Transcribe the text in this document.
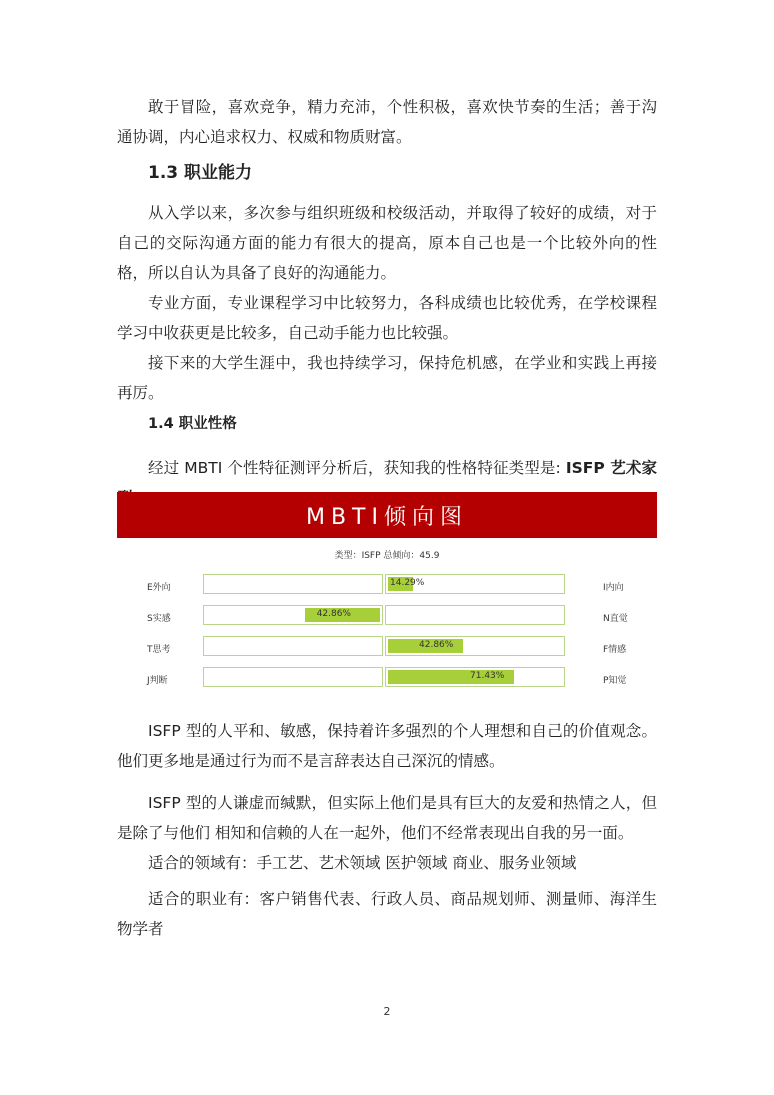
敢于冒险，喜欢竞争，精力充沛，个性积极，喜欢快节奏的生活；善于沟通协调，内心追求权力、权威和物质财富。

1.3 职业能力

从入学以来，多次参与组织班级和校级活动，并取得了较好的成绩，对于自己的交际沟通方面的能力有很大的提高，原本自己也是一个比较外向的性格，所以自认为具备了良好的沟通能力。

专业方面，专业课程学习中比较努力，各科成绩也比较优秀，在学校课程学习中收获更是比较多，自己动手能力也比较强。

接下来的大学生涯中，我也持续学习，保持危机感，在学业和实践上再接再厉。

1.4 职业性格

经过 MBTI 个性特征测评分析后，获知我的性格特征类型是: ISFP 艺术家

MBTI倾向图
类型：ISFP 总倾向：45.9
E外向	14.29%	I内向
S实感	42.86%	N直觉
T思考	42.86%	F情感
J判断	71.43%	P知觉

ISFP 型的人平和、敏感，保持着许多强烈的个人理想和自己的价值观念。他们更多地是通过行为而不是言辞表达自己深沉的情感。

ISFP 型的人谦虚而缄默，但实际上他们是具有巨大的友爱和热情之人，但是除了与他们 相知和信赖的人在一起外，他们不经常表现出自我的另一面。

适合的领域有：手工艺、艺术领域 医护领域 商业、服务业领域

适合的职业有：客户销售代表、行政人员、商品规划师、测量师、海洋生物学者

2
